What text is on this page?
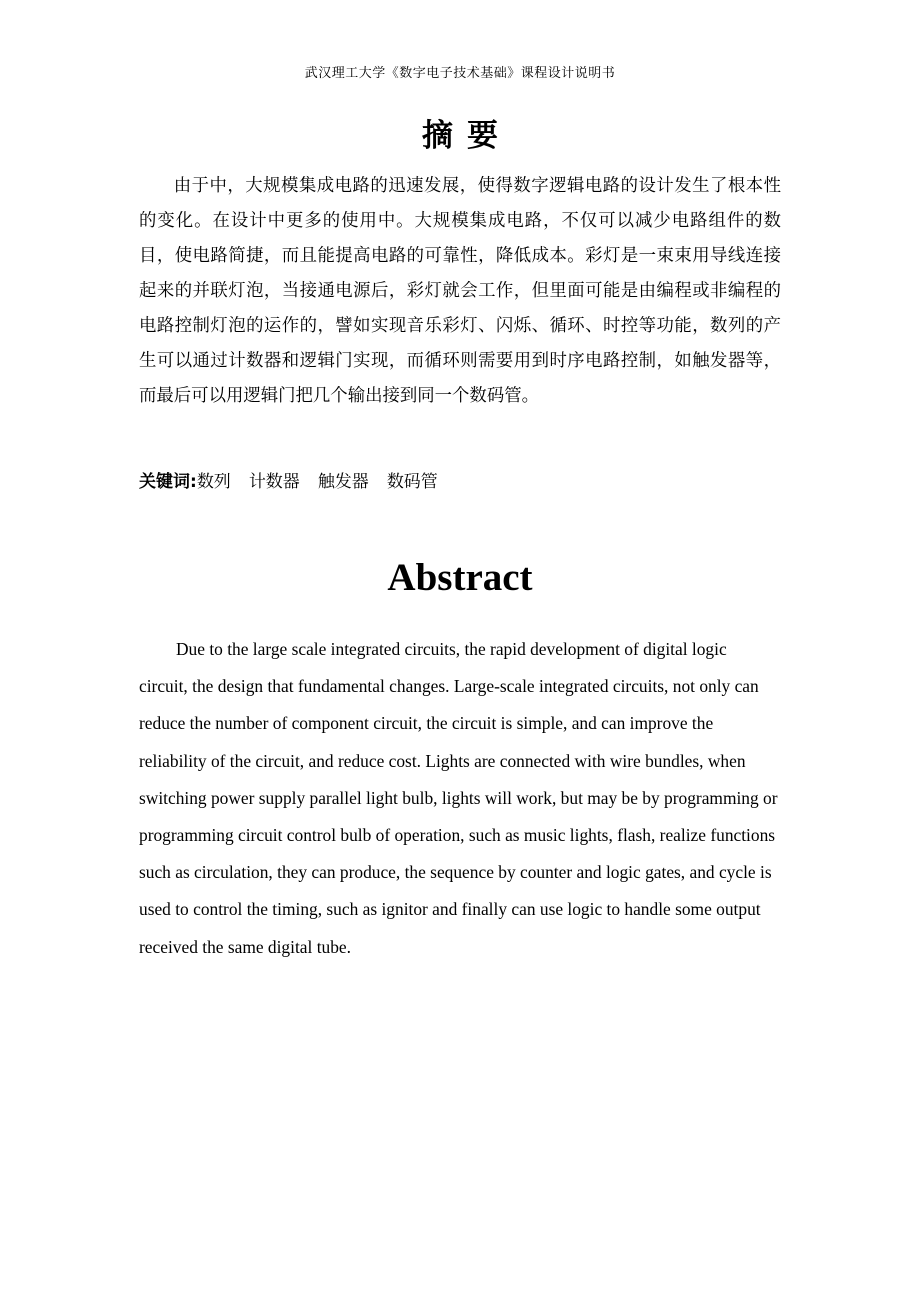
武汉理工大学《数字电子技术基础》课程设计说明书
摘要

由于中，大规模集成电路的迅速发展，使得数字逻辑电路的设计发生了根本性的变化。在设计中更多的使用中。大规模集成电路，不仅可以减少电路组件的数目，使电路简捷，而且能提高电路的可靠性，降低成本。彩灯是一束束用导线连接起来的并联灯泡，当接通电源后，彩灯就会工作，但里面可能是由编程或非编程的电路控制灯泡的运作的，譬如实现音乐彩灯、闪烁、循环、时控等功能，数列的产生可以通过计数器和逻辑门实现，而循环则需要用到时序电路控制，如触发器等，而最后可以用逻辑门把几个输出接到同一个数码管。

关键词:数列 计数器 触发器 数码管
Abstract

Due to the large scale integrated circuits, the rapid development of digital logic circuit, the design that fundamental changes. Large-scale integrated circuits, not only can reduce the number of component circuit, the circuit is simple, and can improve the reliability of the circuit, and reduce cost. Lights are connected with wire bundles, when switching power supply parallel light bulb, lights will work, but may be by programming or programming circuit control bulb of operation, such as music lights, flash, realize functions such as circulation, they can produce, the sequence by counter and logic gates, and cycle is used to control the timing, such as ignitor and finally can use logic to handle some output received the same digital tube.
